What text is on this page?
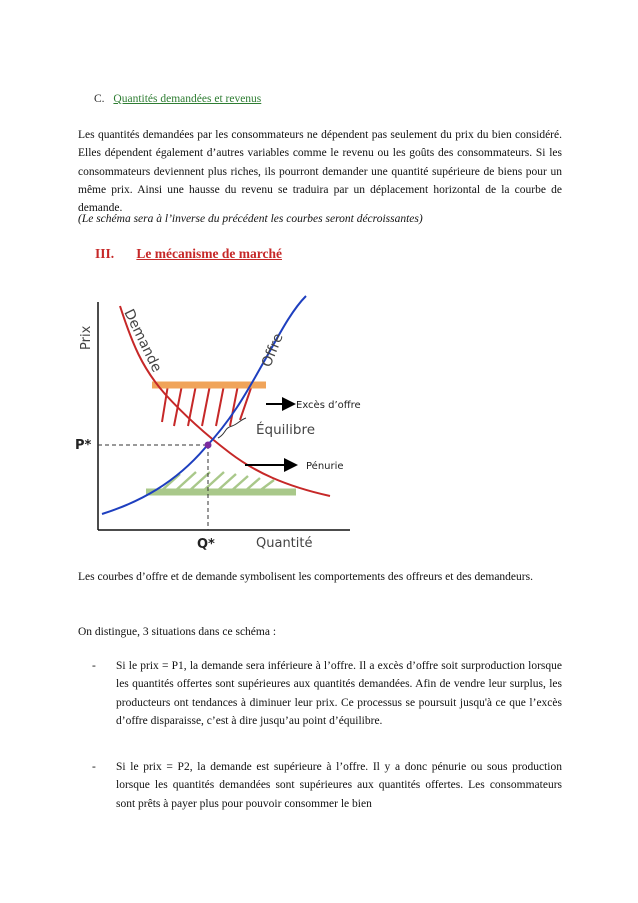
C. Quantités demandées et revenus

Les quantités demandées par les consommateurs ne dépendent pas seulement du prix du bien considéré. Elles dépendent également d’autres variables comme le revenu ou les goûts des consommateurs. Si les consommateurs deviennent plus riches, ils pourront demander une quantité supérieure de biens pour un même prix. Ainsi une hausse du revenu se traduira par un déplacement horizontal de la courbe de demande.

(Le schéma sera à l’inverse du précédent les courbes seront décroissantes)

III. Le mécanisme de marché
Prix
Quantité
P*
Q*
Demande	Offre
Équilibre
Excès d’offre
Pénurie

Les courbes d’offre et de demande symbolisent les comportements des offreurs et des demandeurs.

On distingue, 3 situations dans ce schéma :

- Si le prix = P1, la demande sera inférieure à l’offre. Il a excès d’offre soit surproduction lorsque les quantités offertes sont supérieures aux quantités demandées. Afin de vendre leur surplus, les producteurs ont tendances à diminuer leur prix. Ce processus se poursuit jusqu'à ce que l’excès d’offre disparaisse, c’est à dire jusqu’au point d’équilibre.
- Si le prix = P2, la demande est supérieure à l’offre. Il y a donc pénurie ou sous production lorsque les quantités demandées sont supérieures aux quantités offertes. Les consommateurs sont prêts à payer plus pour pouvoir consommer le bien
